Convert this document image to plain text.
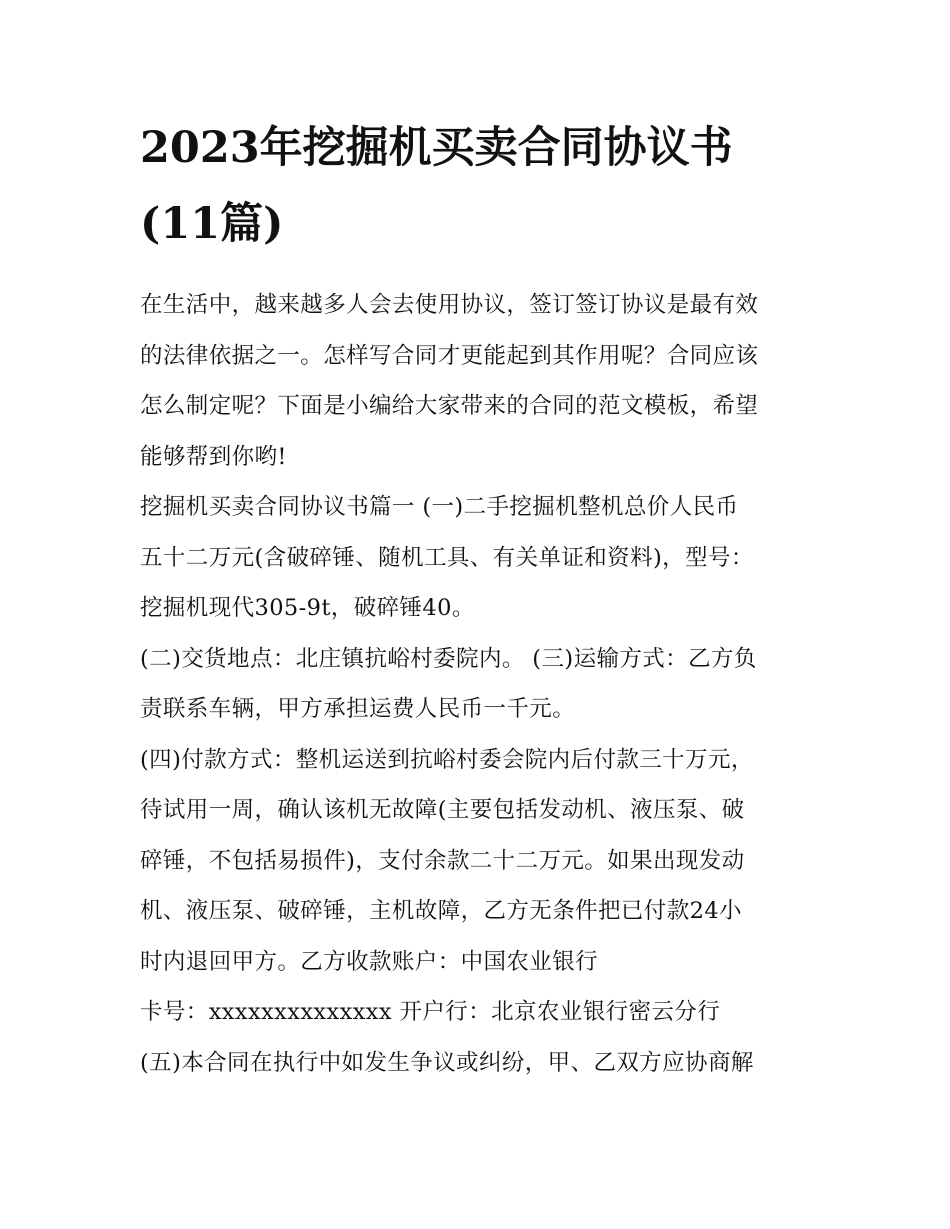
2023年挖掘机买卖合同协议书
(11篇)

在生活中，越来越多人会去使用协议，签订签订协议是最有效
的法律依据之一。怎样写合同才更能起到其作用呢？合同应该
怎么制定呢？下面是小编给大家带来的合同的范文模板，希望
能够帮到你哟!

挖掘机买卖合同协议书篇一 (一)二手挖掘机整机总价人民币
五十二万元(含破碎锤、随机工具、有关单证和资料)，型号：
挖掘机现代305-9t，破碎锤40。

(二)交货地点：北庄镇抗峪村委院内。 (三)运输方式：乙方负
责联系车辆，甲方承担运费人民币一千元。

(四)付款方式：整机运送到抗峪村委会院内后付款三十万元，
待试用一周，确认该机无故障(主要包括发动机、液压泵、破
碎锤，不包括易损件)，支付余款二十二万元。如果出现发动
机、液压泵、破碎锤，主机故障，乙方无条件把已付款24小
时内退回甲方。乙方收款账户：中国农业银行

卡号：xxxxxxxxxxxxxx 开户行：北京农业银行密云分行

(五)本合同在执行中如发生争议或纠纷，甲、乙双方应协商解
